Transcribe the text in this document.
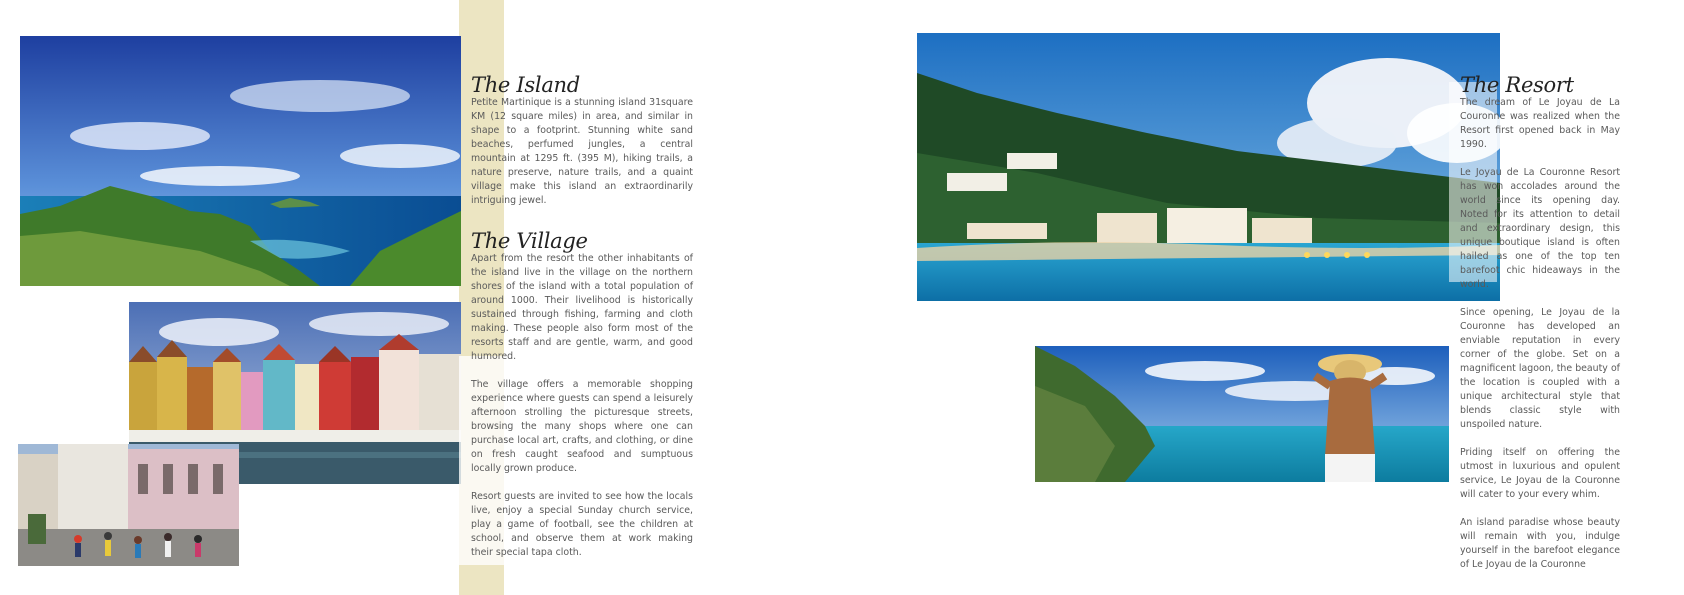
The Island

Petite Martinique is a stunning island 31square KM (12 square miles) in area, and similar in shape to a footprint. Stunning white sand beaches, perfumed jungles, a central mountain at 1295 ft. (395 M), hiking trails, a nature preserve, nature trails, and a quaint village make this island an extraordinarily intriguing jewel.

The Village

Apart from the resort the other inhabitants of the island live in the village on the northern shores of the island with a total population of around 1000. Their livelihood is historically sustained through fishing, farming and cloth making. These people also form most of the resorts staff and are gentle, warm, and good humored.

The village offers a memorable shopping experience where guests can spend a leisurely afternoon strolling the picturesque streets, browsing the many shops where one can purchase local art, crafts, and clothing, or dine on fresh caught seafood and sumptuous locally grown produce.

Resort guests are invited to see how the locals live, enjoy a special Sunday church service, play a game of football, see the children at school, and observe them at work making their special tapa cloth.

The Resort

The dream of Le Joyau de La Couronne was realized when the Resort first opened back in May 1990.

Le Joyau de La Couronne Resort has won accolades around the world since its opening day. Noted for its attention to detail and extraordinary design, this unique boutique island is often hailed as one of the top ten barefoot chic hideaways in the world.

Since opening, Le Joyau de la Couronne has developed an enviable reputation in every corner of the globe. Set on a magnificent lagoon, the beauty of the location is coupled with a unique architectural style that blends classic style with unspoiled nature.

Priding itself on offering the utmost in luxurious and opulent service, Le Joyau de la Couronne will cater to your every whim.

An island paradise whose beauty will remain with you, indulge yourself in the barefoot elegance of Le Joyau de la Couronne
